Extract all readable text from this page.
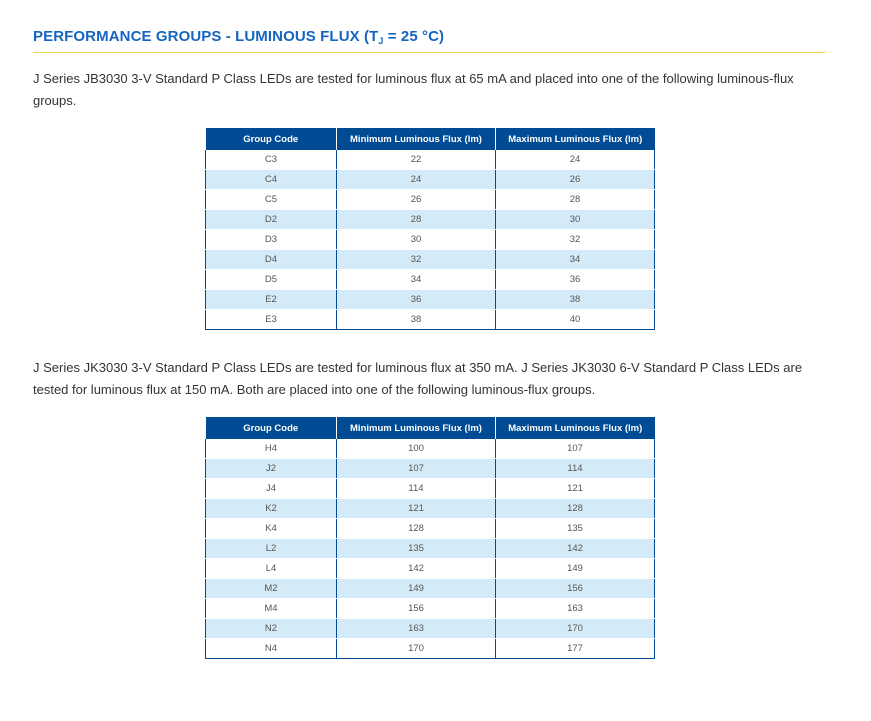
PERFORMANCE GROUPS - LUMINOUS FLUX ($T_J = 25$ °C)

J Series JB3030 3-V Standard P Class LEDs are tested for luminous flux at 65 mA and placed into one of the following luminous-flux groups.

Group Code	Minimum Luminous Flux (lm)	Maximum Luminous Flux (lm)
C3	22	24
C4	24	26
C5	26	28
D2	28	30
D3	30	32
D4	32	34
D5	34	36
E2	36	38
E3	38	40

J Series JK3030 3-V Standard P Class LEDs are tested for luminous flux at 350 mA. J Series JK3030 6-V Standard P Class LEDs are tested for luminous flux at 150 mA. Both are placed into one of the following luminous-flux groups.

Group Code	Minimum Luminous Flux (lm)	Maximum Luminous Flux (lm)
H4	100	107
J2	107	114
J4	114	121
K2	121	128
K4	128	135
L2	135	142
L4	142	149
M2	149	156
M4	156	163
N2	163	170
N4	170	177
